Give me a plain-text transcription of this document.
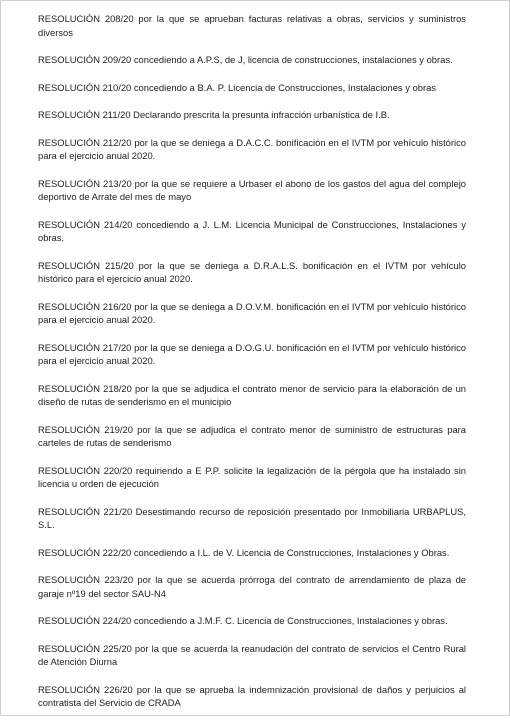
RESOLUCIÓN 208/20 por la que se aprueban facturas relativas a obras, servicios y suministros diversos

RESOLUCIÓN 209/20 concediendo a A.P.S, de J, licencia de construcciones, instalaciones y obras.

RESOLUCIÓN 210/20 concediendo a B.A. P. Licencia de Construcciones, Instalaciones y obras

RESOLUCIÓN 211/20 Declarando prescrita la presunta infracción urbanística de I.B.

RESOLUCIÓN 212/20 por la que se deniega a D.A.C.C. bonificación en el IVTM por vehículo histórico para el ejercicio anual 2020.

RESOLUCIÓN 213/20 por la que se requiere a Urbaser el abono de los gastos del agua del complejo deportivo de Arrate del mes de mayo

RESOLUCIÓN 214/20 concediendo a J. L.M. Licencia Municipal de Construcciones, Instalaciones y obras.

RESOLUCIÓN 215/20 por la que se deniega a D.R.A.L.S. bonificación en el IVTM por vehículo histórico para el ejercicio anual 2020.

RESOLUCIÓN 216/20 por la que se deniega a D.O.V.M. bonificación en el IVTM por vehículo histórico para el ejercicio anual 2020.

RESOLUCIÓN 217/20 por la que se deniega a D.O.G.U. bonificación en el IVTM por vehículo histórico para el ejercicio anual 2020.

RESOLUCIÓN 218/20 por la que se adjudica el contrato menor de servicio para la elaboración de un diseño de rutas de senderismo en el municipio

RESOLUCIÓN 219/20 por la que se adjudica el contrato menor de suministro de estructuras para carteles de rutas de senderismo

RESOLUCIÓN 220/20 requiriendo a E P.P. solicite la legalización de la pérgola que ha instalado sin licencia u orden de ejecución

RESOLUCIÓN 221/20 Desestimando recurso de reposición presentado por Inmobiliaria URBAPLUS, S.L.

RESOLUCIÓN 222/20 concediendo a I.L. de V. Licencia de Construcciones, Instalaciones y Obras.

RESOLUCIÓN 223/20 por la que se acuerda prórroga del contrato de arrendamiento de plaza de garaje nº19 del sector SAU-N4

RESOLUCIÓN 224/20 concediendo a J.M.F. C. Licencia de Construcciones, Instalaciones y obras.

RESOLUCIÓN 225/20 por la que se acuerda la reanudación del contrato de servicios el Centro Rural de Atención Diurna

RESOLUCIÓN 226/20 por la que se aprueba la indemnización provisional de daños y perjuicios al contratista del Servicio de CRADA
